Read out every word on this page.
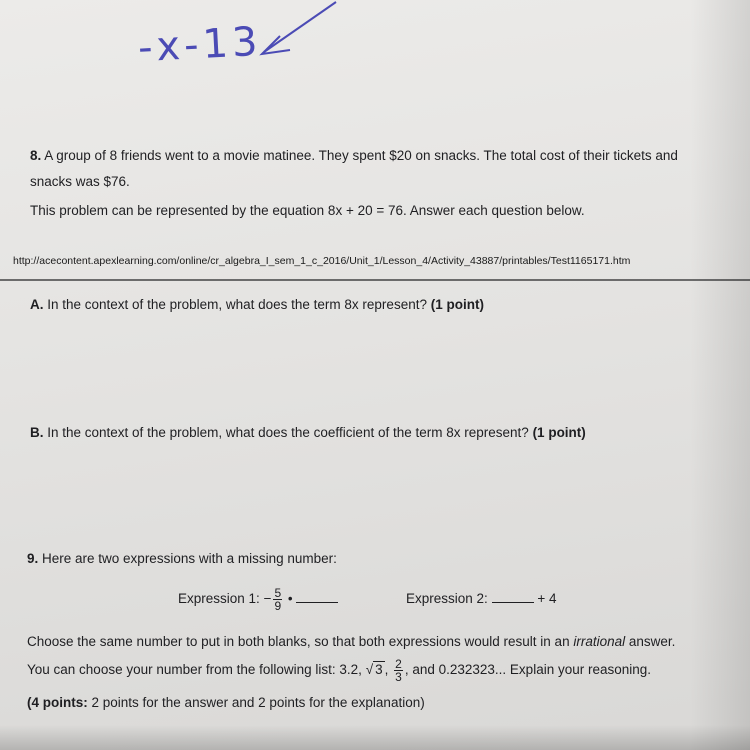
-x-13
8. A group of 8 friends went to a movie matinee. They spent $20 on snacks. The total cost of their tickets and
snacks was $76.
This problem can be represented by the equation 8x + 20 = 76. Answer each question below.
http://acecontent.apexlearning.com/online/cr_algebra_I_sem_1_c_2016/Unit_1/Lesson_4/Activity_43887/printables/Test1165171.htm
A. In the context of the problem, what does the term 8x represent? (1 point)
B. In the context of the problem, what does the coefficient of the term 8x represent? (1 point)
9. Here are two expressions with a missing number:
Expression 1: − $\frac{5}{9}$ •	Expression 2:	+ 4
Choose the same number to put in both blanks, so that both expressions would result in an irrational answer.
You can choose your number from the following list: 3.2, √ 3 , $\frac{2}{3}$ , and 0.232323... Explain your reasoning.
(4 points: 2 points for the answer and 2 points for the explanation)
